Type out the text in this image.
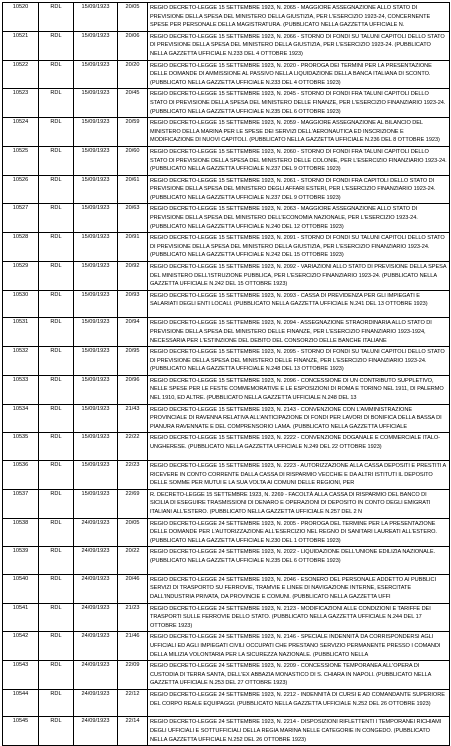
10520	RDL	15/09/1923	20/05	REGIO DECRETO-LEGGE 15 SETTEMBRE 1923, N. 2065 - MAGGIORE ASSEGNAZIONE ALLO STATO DI PREVISIONE DELLA SPESA DEL MINISTERO DELLA GIUSTIZIA, PER L'ESERCIZIO 1923-24, CONCERNENTE SPESE PER PERSONALE DELLA MAGISTRATURA. (PUBBLICATO NELLA GAZZETTA UFFICIALE N.
10521	RDL	15/09/1923	20/06	REGIO DECRETO-LEGGE 15 SETTEMBRE 1923, N. 2066 - STORNO DI FONDI SU TALUNI CAPITOLI DELLO STATO DI PREVISIONE DELLA SPESA DEL MINISTERO DELLA GIUSTIZIA, PER L'ESERCIZIO 1923-24. (PUBBLICATO NELLA GAZZETTA UFFICIALE N.233 DEL 4 OTTOBRE 1923)
10522	RDL	15/09/1923	20/20	REGIO DECRETO-LEGGE 15 SETTEMBRE 1923, N. 2020 - PROROGA DEI TERMINI PER LA PRESENTAZIONE DELLE DOMANDE DI AMMISSIONE AL PASSIVO NELLA LIQUIDAZIONE DELLA BANCA ITALIANA DI SCONTO. (PUBBLICATO NELLA GAZZETTA UFFICIALE N.233 DEL 4 OTTOBRE 1923)
10523	RDL	15/09/1923	20/45	REGIO DECRETO-LEGGE 15 SETTEMBRE 1923, N. 2045 - STORNO DI FONDI FRA TALUNI CAPITOLI DELLO STATO DI PREVISIONE DELLA SPESA DEL MINISTERO DELLE FINANZE, PER L'ESERCIZIO FINANZIARIO 1923-24. (PUBBLICATO NELLA GAZZETTA UFFICIALE N.235 DEL 6 OTTOBRE 1923)
10524	RDL	15/09/1923	20/59	REGIO DECRETO-LEGGE 15 SETTEMBRE 1923, N. 2059 - MAGGIORE ASSEGNAZIONE AL BILANCIO DEL MINISTERO DELLA MARINA PER LE SPESE DEI SERVIZI DELL'AERONAUTICA ED INSCRIZIONE E MODIFICAZIONE DI NUOVI CAPITOLI. (PUBBLICATO NELLA GAZZETTA UFFICIALE N.236 DEL 8 OTTOBRE 1923)
10525	RDL	15/09/1923	20/60	REGIO DECRETO-LEGGE 15 SETTEMBRE 1923, N. 2060 - STORNO DI FONDI FRA TALUNI CAPITOLI DELLO STATO DI PREVISIONE DELLA SPESA DEL MINISTERO DELLE COLONIE, PER L'ESERCIZIO FINANZIARIO 1923-24. (PUBBLICATO NELLA GAZZETTA UFFICIALE N.237 DEL 9 OTTOBRE 1923)
10526	RDL	15/09/1923	20/61	REGIO DECRETO-LEGGE 15 SETTEMBRE 1923, N. 2061 - STORNO DI FONDI FRA CAPITOLI DELLO STATO DI PREVISIONE DELLA SPESA DEL MINISTERO DEGLI AFFARI ESTERI, PER L'ESERCIZIO FINANZIARIO 1923-24. (PUBBLICATO NELLA GAZZETTA UFFICIALE N.237 DEL 9 OTTOBRE 1923)
10527	RDL	15/09/1923	20/63	REGIO DECRETO-LEGGE 15 SETTEMBRE 1923, N. 2063 - MAGGIORE ASSEGNAZIONE ALLO STATO DI PREVISIONE DELLA SPESA DEL MINISTERO DELL'ECONOMIA NAZIONALE, PER L'ESERCIZIO 1923-24. (PUBBLICATO NELLA GAZZETTA UFFICIALE N.240 DEL 12 OTTOBRE 1923)
10528	RDL	15/09/1923	20/91	REGIO DECRETO-LEGGE 15 SETTEMBRE 1923, N. 2091 - STORNO DI FONDI SU TALUNI CAPITOLI DELLO STATO DI PREVISIONE DELLA SPESA DEL MINISTERO DELLA GIUSTIZIA, PER L'ESERCIZIO FINANZIARIO 1923-24. (PUBBLICATO NELLA GAZZETTA UFFICIALE N.242 DEL 15 OTTOBRE 1923)
10529	RDL	15/09/1923	20/92	REGIO DECRETO-LEGGE 15 SETTEMBRE 1923, N. 2092 - VARIAZIONI ALLO STATO DI PREVISIONE DELLA SPESA DEL MINISTERO DELL'ISTRUZIONE PUBBLICA, PER L'ESERCIZIO FINANZIARIO 1923-24. (PUBBLICATO NELLA GAZZETTA UFFICIALE N.242 DEL 15 OTTOBRE 1923)
10530	RDL	15/09/1923	20/93	REGIO DECRETO-LEGGE 15 SETTEMBRE 1923, N. 2093 - CASSA DI PREVIDENZA PER GLI IMPIEGATI E SALARIATI DEGLI ENTI LOCALI. (PUBBLICATO NELLA GAZZETTA UFFICIALE N.241 DEL 13 OTTOBRE 1923)
10531	RDL	15/09/1923	20/94	REGIO DECRETO-LEGGE 15 SETTEMBRE 1923, N. 2094 - ASSEGNAZIONE STRAORDINARIA ALLO STATO DI PREVISIONE DELLA SPESA DEL MINISTERO DELLE FINANZE, PER L'ESERCIZIO FINANZIARIO 1923-1924, NECESSARIA PER L'ESTINZIONE DEL DEBITO DEL CONSORZIO DELLE BANCHE ITALIANE
10532	RDL	15/09/1923	20/95	REGIO DECRETO-LEGGE 15 SETTEMBRE 1923, N. 2095 - STORNO DI FONDI SU TALUNI CAPITOLI DELLO STATO DI PREVISIONE DELLA SPESA DEL MINISTERO DELLE FINANZE, PER L'ESERCIZIO FINANZIARIO 1923-24. (PUBBLICATO NELLA GAZZETTA UFFICIALE N.248 DEL 13 OTTOBRE 1923)
10533	RDL	15/09/1923	20/96	REGIO DECRETO-LEGGE 15 SETTEMBRE 1923, N. 2096 - CONCESSIONE DI UN CONTRIBUTO SUPPLETIVO, NELLE SPESE PER LE FESTE COMMEMORATIVE E LE ESPOSIZIONI DI ROMA E TORINO NEL 1911, DI PALERMO NEL 1910, ED ALTRE. (PUBBLICATO NELLA GAZZETTA UFFICIALE N.248 DEL 13
10534	RDL	15/09/1923	21/43	REGIO DECRETO-LEGGE 15 SETTEMBRE 1923, N. 2143 - CONVENZIONE CON L'AMMINISTRAZIONE PROVINCIALE DI RAVENNA RELATIVA ALL'ANTICIPAZIONE DI FONDI PER LAVORI DI BONIFICA DELLA BASSA DI PIANURA RAVENNATE E DEL COMPRENSORIO LAMA. (PUBBLICATO NELLA GAZZETTA UFFICIALE
10535	RDL	15/09/1923	22/22	REGIO DECRETO-LEGGE 15 SETTEMBRE 1923, N. 2222 - CONVENZIONE DOGANALE E COMMERCIALE ITALO-UNGHERESE. (PUBBLICATO NELLA GAZZETTA UFFICIALE N.249 DEL 22 OTTOBRE 1923)
10536	RDL	15/09/1923	22/23	REGIO DECRETO-LEGGE 15 SETTEMBRE 1923, N. 2223 - AUTORIZZAZIONE ALLA CASSA DEPOSITI E PRESTITI A RICEVERE IN CONTO CORRENTE DALLA CASSA DI RISPARMIO VECCHIE E DA ALTRI ISTITUTI IL DEPOSITO DELLE SOMME PER MUTUI E LA SUA VOLTA AI COMUNI DELLE REGIONI, PER
10537	RDL	15/09/1923	22/69	R. DECRETO-LEGGE 15 SETTEMBRE 1923, N. 2269 - FACOLTÀ ALLA CASSA DI RISPARMIO DEL BANCO DI SICILIA DI ESEGUIRE TRASMISSIONI DI DENARO E OPERAZIONI DI DEPOSITO IN CONTO DEGLI EMIGRATI ITALIANI ALL'ESTERO. (PUBBLICATO NELLA GAZZETTA UFFICIALE N.257 DEL 2 N
10538	RDL	24/09/1923	20/05	REGIO DECRETO-LEGGE 24 SETTEMBRE 1923, N. 2005 - PROROGA DEL TERMINE PER LA PRESENTAZIONE DELLE DOMANDE PER L'AUTORIZZAZIONE ALL'ESERCIZIO NEL REGNO DI SANITARI LAUREATI ALL'ESTERO. (PUBBLICATO NELLA GAZZETTA UFFICIALE N.230 DEL 1 OTTOBRE 1923)
10539	RDL	24/09/1923	20/22	REGIO DECRETO-LEGGE 24 SETTEMBRE 1923, N. 2022 - LIQUIDAZIONE DELL'UNIONE EDILIZIA NAZIONALE. (PUBBLICATO NELLA GAZZETTA UFFICIALE N.235 DEL 6 OTTOBRE 1923)
10540	RDL	24/09/1923	20/46	REGIO DECRETO-LEGGE 24 SETTEMBRE 1923, N. 2046 - ESONERO DEL PERSONALE ADDETTO AI PUBBLICI SERVIZI DI TRASPORTO SU FERROVIE, TRAMVIE E LINEE DI NAVIGAZIONE INTERNE, ESERCITATE DALL'INDUSTRIA PRIVATA, DA PROVINCIE E COMUNI. (PUBBLICATO NELLA GAZZETTA UFFI
10541	RDL	24/09/1923	21/23	REGIO DECRETO-LEGGE 24 SETTEMBRE 1923, N. 2123 - MODIFICAZIONI ALLE CONDIZIONI E TARIFFE DEI TRASPORTI SULLE FERROVIE DELLO STATO. (PUBBLICATO NELLA GAZZETTA UFFICIALE N.244 DEL 17 OTTOBRE 1923)
10542	RDL	24/09/1923	21/46	REGIO DECRETO-LEGGE 24 SETTEMBRE 1923, N. 2146 - SPECIALE INDENNITÀ DA CORRISPONDERSI AGLI UFFICIALI ED AGLI IMPIEGATI CIVILI OCCUPATI CHE PRESTANO SERVIZIO PERMANENTE PRESSO I COMANDI DELLA MILIZIA VOLONTARIA PER LA SICUREZZA NAZIONALE. (PUBBLICATO NELLA
10543	RDL	24/09/1923	22/09	REGIO DECRETO-LEGGE 24 SETTEMBRE 1923, N. 2209 - CONCESSIONE TEMPORANEA ALL'OPERA DI CUSTODIA DI TERRA SANTA, DELL'EX ABBAZIA MONASTICO DI S. CHIARA IN NAPOLI. (PUBBLICATO NELLA GAZZETTA UFFICIALE N.253 DEL 27 OTTOBRE 1923)
10544	RDL	24/09/1923	22/12	REGIO DECRETO-LEGGE 24 SETTEMBRE 1923, N. 2212 - INDENNITÀ DI CURSI E AD COMANDANTE SUPERIORE DEL CORPO REALE EQUIPAGGI. (PUBBLICATO NELLA GAZZETTA UFFICIALE N.252 DEL 26 OTTOBRE 1923)
10545	RDL	24/09/1923	22/14	REGIO DECRETO-LEGGE 24 SETTEMBRE 1923, N. 2214 - DISPOSIZIONI RIFLETTENTI I TEMPORANEI RICHIAMI DEGLI UFFICIALI E SOTTUFFICIALI DELLA REGIA MARINA NELLE CATEGORIE IN CONGEDO. (PUBBLICATO NELLA GAZZETTA UFFICIALE N.252 DEL 26 OTTOBRE 1923)
